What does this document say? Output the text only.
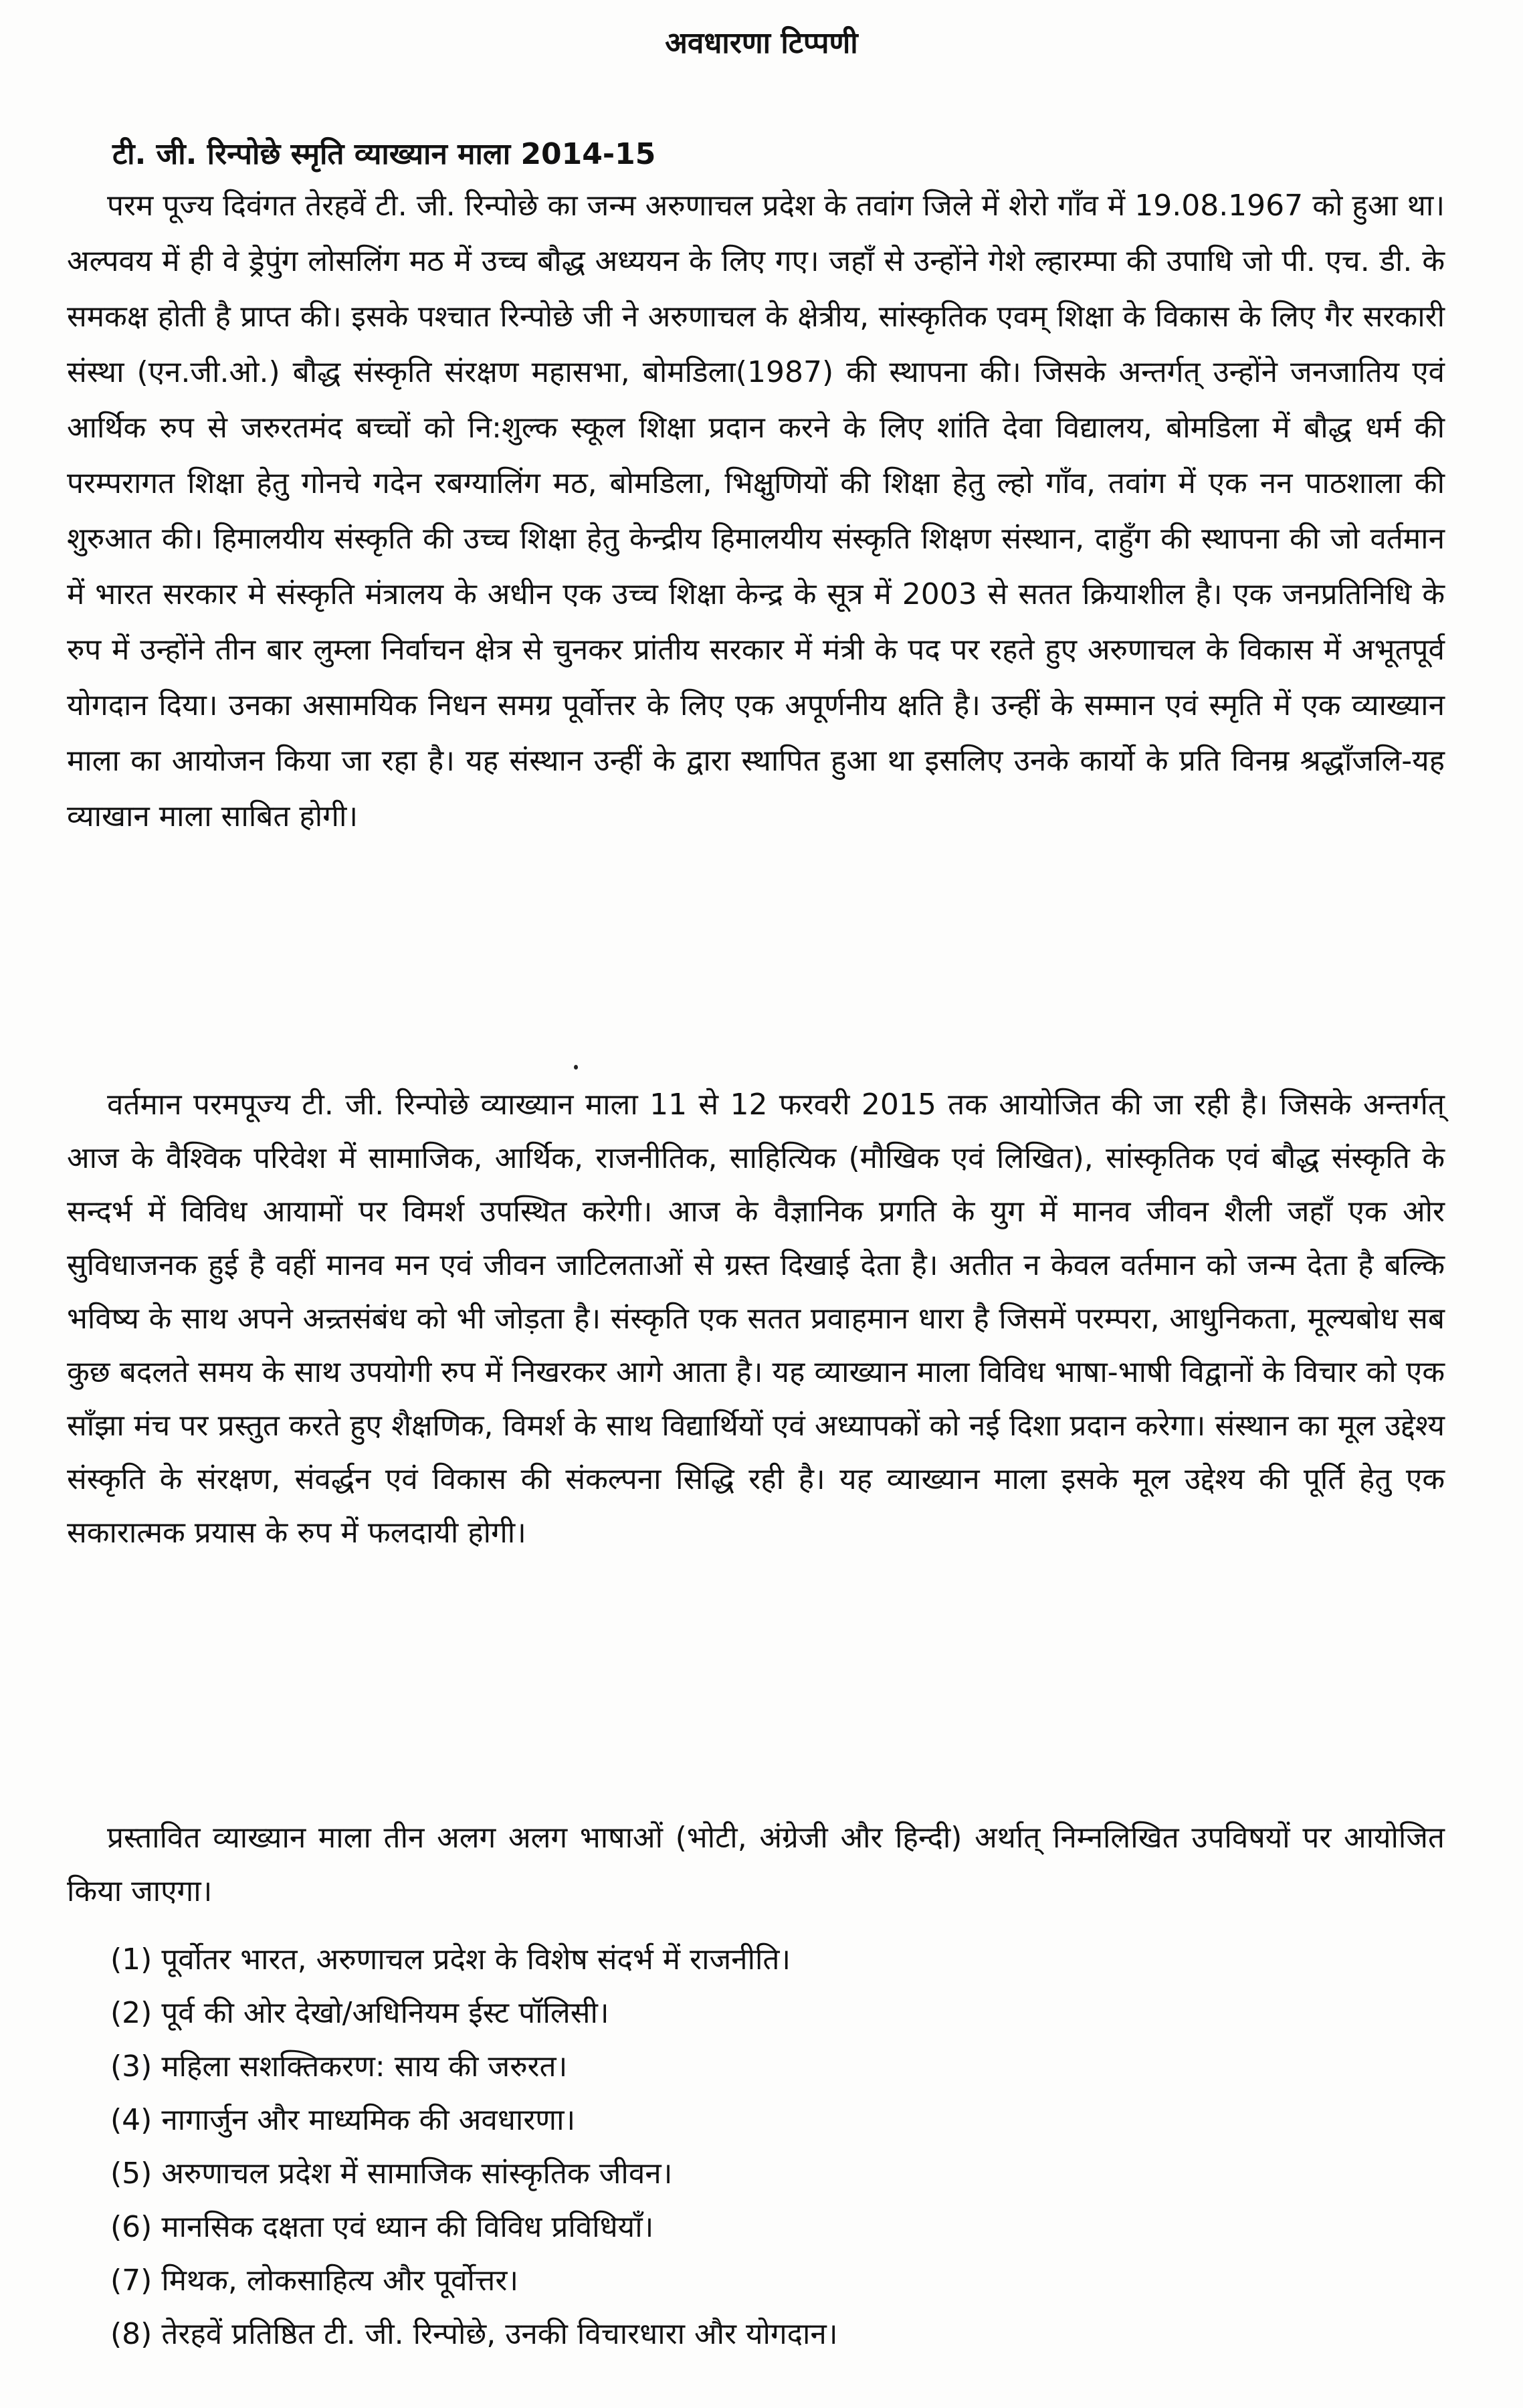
अवधारणा टिप्पणी
टी. जी. रिन्पोछे स्मृति व्याख्यान माला 2014-15

परम पूज्य दिवंगत तेरहवें टी. जी. रिन्पोछे का जन्म अरुणाचल प्रदेश के तवांग जिले में शेरो गाँव में 19.08.1967 को हुआ था। अल्पवय में ही वे ड्रेपुंग लोसलिंग मठ में उच्च बौद्ध अध्ययन के लिए गए। जहाँ से उन्होंने गेशे ल्हारम्पा की उपाधि जो पी. एच. डी. के समकक्ष होती है प्राप्त की। इसके पश्चात रिन्पोछे जी ने अरुणाचल के क्षेत्रीय, सांस्कृतिक एवम् शिक्षा के विकास के लिए गैर सरकारी संस्था (एन.जी.ओ.) बौद्ध संस्कृति संरक्षण महासभा, बोमडिला(1987) की स्थापना की। जिसके अन्तर्गत् उन्होंने जनजातिय एवं आर्थिक रुप से जरुरतमंद बच्चों को नि:शुल्क स्कूल शिक्षा प्रदान करने के लिए शांति देवा विद्यालय, बोमडिला में बौद्ध धर्म की परम्परागत शिक्षा हेतु गोनचे गदेन रबग्यालिंग मठ, बोमडिला, भिक्षुणियों की शिक्षा हेतु ल्हो गाँव, तवांग में एक नन पाठशाला की शुरुआत की। हिमालयीय संस्कृति की उच्च शिक्षा हेतु केन्द्रीय हिमालयीय संस्कृति शिक्षण संस्थान, दाहुँग की स्थापना की जो वर्तमान में भारत सरकार मे संस्कृति मंत्रालय के अधीन एक उच्च शिक्षा केन्द्र के सूत्र में 2003 से सतत क्रियाशील है। एक जनप्रतिनिधि के रुप में उन्होंने तीन बार लुम्ला निर्वाचन क्षेत्र से चुनकर प्रांतीय सरकार में मंत्री के पद पर रहते हुए अरुणाचल के विकास में अभूतपूर्व योगदान दिया। उनका असामयिक निधन समग्र पूर्वोत्तर के लिए एक अपूर्णनीय क्षति है। उन्हीं के सम्मान एवं स्मृति में एक व्याख्यान माला का आयोजन किया जा रहा है। यह संस्थान उन्हीं के द्वारा स्थापित हुआ था इसलिए उनके कार्यो के प्रति विनम्र श्रद्धाँजलि-यह व्याखान माला साबित होगी।

वर्तमान परमपूज्य टी. जी. रिन्पोछे व्याख्यान माला 11 से 12 फरवरी 2015 तक आयोजित की जा रही है। जिसके अन्तर्गत् आज के वैश्विक परिवेश में सामाजिक, आर्थिक, राजनीतिक, साहित्यिक (मौखिक एवं लिखित), सांस्कृतिक एवं बौद्ध संस्कृति के सन्दर्भ में विविध आयामों पर विमर्श उपस्थित करेगी। आज के वैज्ञानिक प्रगति के युग में मानव जीवन शैली जहाँ एक ओर सुविधाजनक हुई है वहीं मानव मन एवं जीवन जाटिलताओं से ग्रस्त दिखाई देता है। अतीत न केवल वर्तमान को जन्म देता है बल्कि भविष्य के साथ अपने अन्र्तसंबंध को भी जोड़ता है। संस्कृति एक सतत प्रवाहमान धारा है जिसमें परम्परा, आधुनिकता, मूल्यबोध सब कुछ बदलते समय के साथ उपयोगी रुप में निखरकर आगे आता है। यह व्याख्यान माला विविध भाषा-भाषी विद्वानों के विचार को एक साँझा मंच पर प्रस्तुत करते हुए शैक्षणिक, विमर्श के साथ विद्यार्थियों एवं अध्यापकों को नई दिशा प्रदान करेगा। संस्थान का मूल उद्देश्य संस्कृति के संरक्षण, संवर्द्धन एवं विकास की संकल्पना सिद्धि रही है। यह व्याख्यान माला इसके मूल उद्देश्य की पूर्ति हेतु एक सकारात्मक प्रयास के रुप में फलदायी होगी।

प्रस्तावित व्याख्यान माला तीन अलग अलग भाषाओं (भोटी, अंग्रेजी और हिन्दी) अर्थात् निम्नलिखित उपविषयों पर आयोजित किया जाएगा।

(1) पूर्वोतर भारत, अरुणाचल प्रदेश के विशेष संदर्भ में राजनीति।
(2) पूर्व की ओर देखो/अधिनियम ईस्ट पॉलिसी।
(3) महिला सशक्तिकरण: साय की जरुरत।
(4) नागार्जुन और माध्यमिक की अवधारणा।
(5) अरुणाचल प्रदेश में सामाजिक सांस्कृतिक जीवन।
(6) मानसिक दक्षता एवं ध्यान की विविध प्रविधियाँ।
(7) मिथक, लोकसाहित्य और पूर्वोत्तर।
(8) तेरहवें प्रतिष्ठित टी. जी. रिन्पोछे, उनकी विचारधारा और योगदान।
